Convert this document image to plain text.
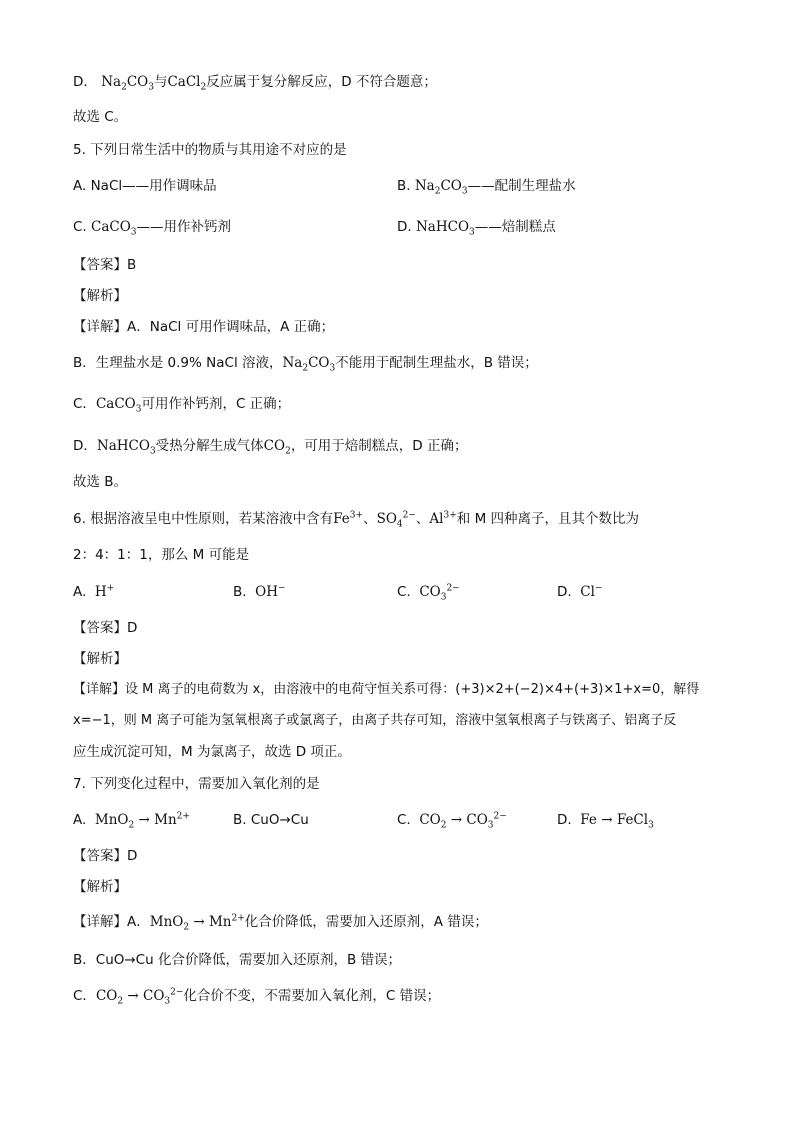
D． $Na_2CO_3$与CaCl$_2$反应属于复分解反应，D 不符合题意；
故选 C。
5. 下列日常生活中的物质与其用途不对应的是
A. NaCl——用作调味品	B. $Na_2CO_3——$配制生理盐水
C. CaCO$_3$——用作补钙剂	D. NaHCO$_3$——焙制糕点
【答案】B
【解析】
【详解】A．NaCl 可用作调味品，A 正确；
B．生理盐水是 0.9% NaCl 溶液，$Na_2CO_3$不能用于配制生理盐水，B 错误；
C．CaCO$_3$可用作补钙剂，C 正确；
D．NaHCO$_3$受热分解生成气体$CO_2$，可用于焙制糕点，D 正确；
故选 B。
6. 根据溶液呈电中性原则，若某溶液中含有$Fe^{3+}$、$SO_4^{2-}$、$Al^{3+}$和 M 四种离子，且其个数比为
2：4：1：1，那么 M 可能是
A. H+	B. OH−	C. $CO_3^{2-}$	D. Cl−
【答案】D
【解析】
【详解】设 M 离子的电荷数为 x，由溶液中的电荷守恒关系可得：(+3)×2+(−2)×4+(+3)×1+x=0，解得
x=−1，则 M 离子可能为氢氧根离子或氯离子，由离子共存可知，溶液中氢氧根离子与铁离子、铝离子反
应生成沉淀可知，M 为氯离子，故选 D 项正。
7. 下列变化过程中，需要加入氧化剂的是
A. $MnO_2 \to Mn^{2+}$	B. CuO→Cu	C. $CO_2 \to CO_3^{2-}$	D. Fe → FeCl$_3$
【答案】D
【解析】
【详解】A．$MnO_2 \to Mn^{2+}$化合价降低，需要加入还原剂，A 错误；
B．CuO→Cu 化合价降低，需要加入还原剂，B 错误；
C．$CO_2 \to CO_3^{2-}$化合价不变，不需要加入氧化剂，C 错误；
